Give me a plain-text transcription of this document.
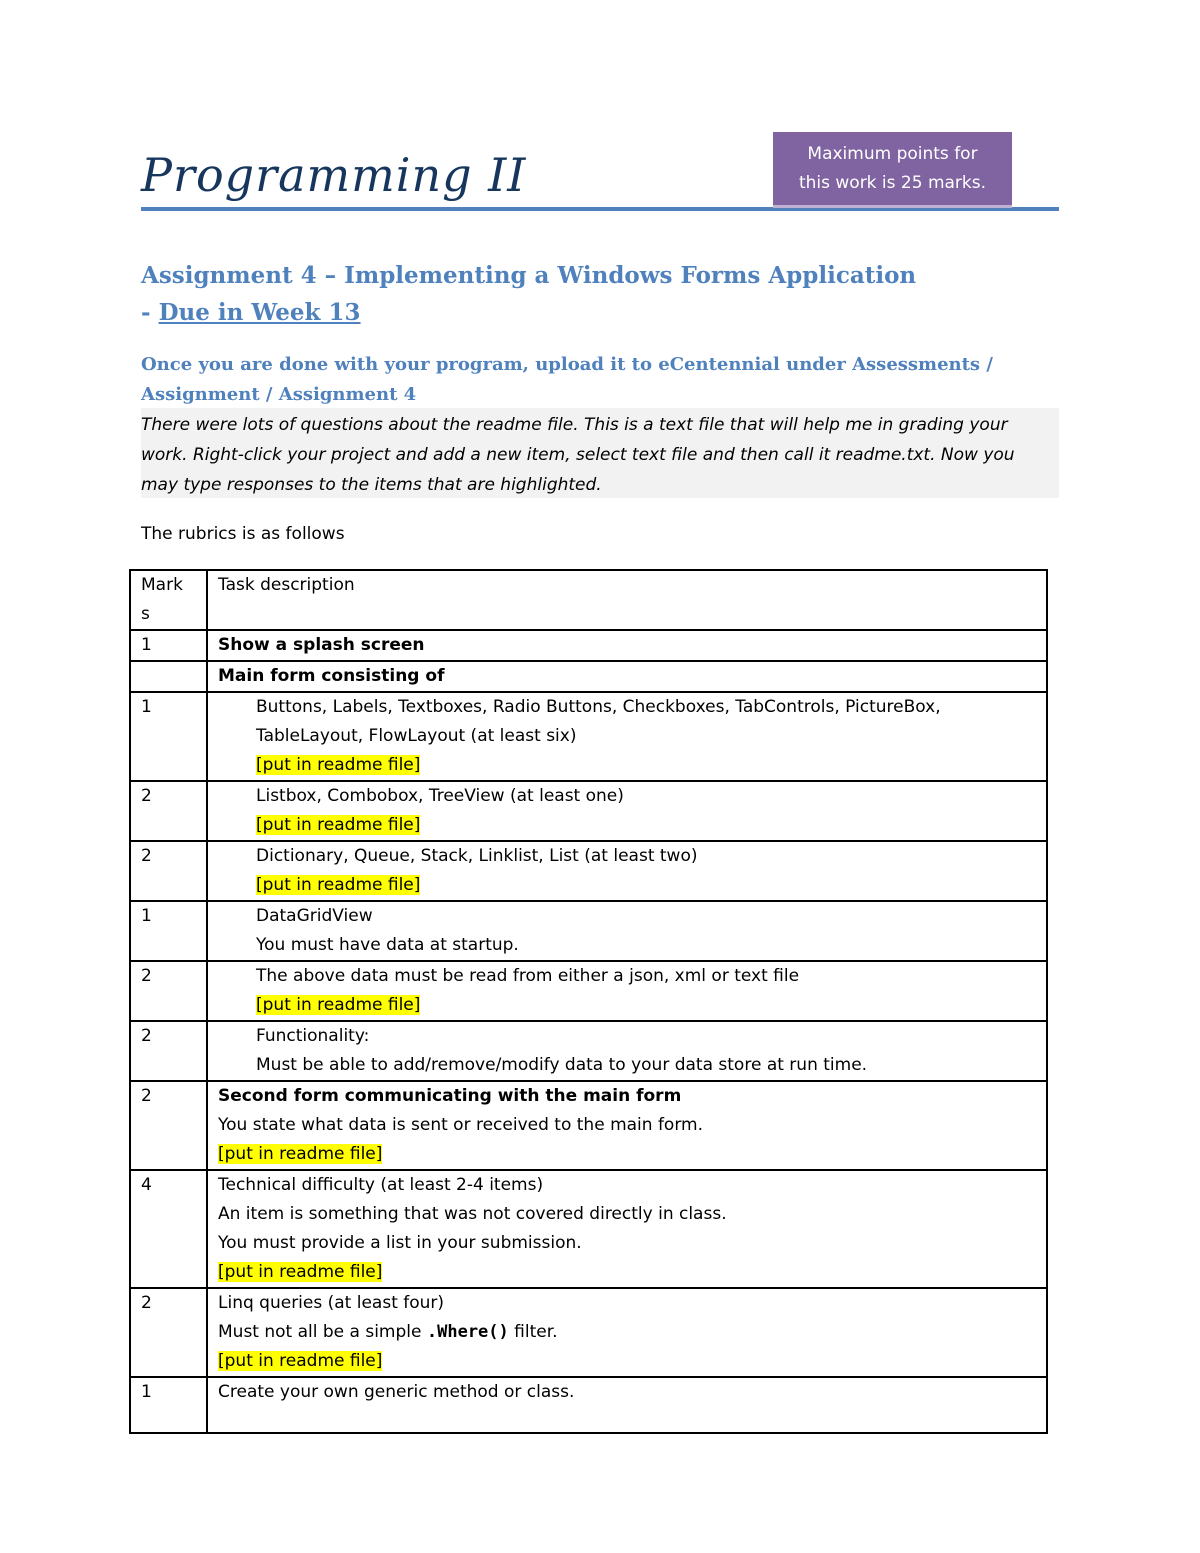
Programming II	Maximum points for
this work is 25 marks.
Assignment 4 – Implementing a Windows Forms Application
- Due in Week 13

Once you are done with your program, upload it to eCentennial under Assessments /
Assignment / Assignment 4

There were lots of questions about the readme file. This is a text file that will help me in grading your
work. Right-click your project and add a new item, select text file and then call it readme.txt. Now you
may type responses to the items that are highlighted.
The rubrics is as follows
Marks	Task description
1	Show a splash screen

	Main form consisting of

1	Buttons, Labels, Textboxes, Radio Buttons, Checkboxes, TabControls, PictureBox,
TableLayout, FlowLayout (at least six)
[put in readme file]

2	Listbox, Combobox, TreeView (at least one)
[put in readme file]

2	Dictionary, Queue, Stack, Linklist, List (at least two)
[put in readme file]

1	DataGridView
You must have data at startup.

2	The above data must be read from either a json, xml or text file
[put in readme file]

2	Functionality:
Must be able to add/remove/modify data to your data store at run time.

2	Second form communicating with the main form
You state what data is sent or received to the main form.
[put in readme file]

4	Technical difficulty (at least 2-4 items)
An item is something that was not covered directly in class.
You must provide a list in your submission.
[put in readme file]

2	Linq queries (at least four)
Must not all be a simple .Where() filter.
[put in readme file]

1	Create your own generic method or class.
